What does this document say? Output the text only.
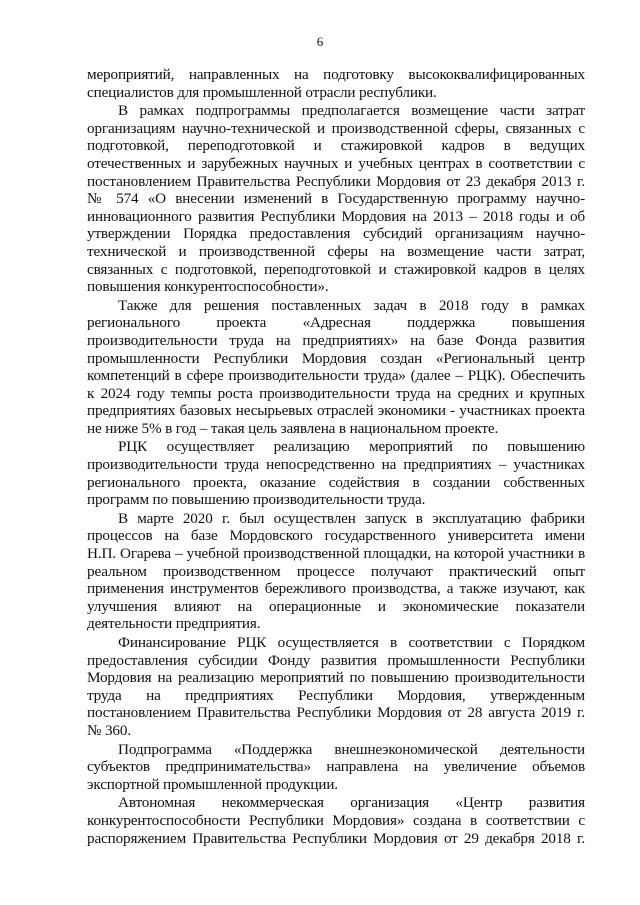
6
мероприятий, направленных на подготовку высококвалифицированных
специалистов для промышленной отрасли республики.
В рамках подпрограммы предполагается возмещение части затрат
организациям научно-технической и производственной сферы, связанных с
подготовкой, переподготовкой и стажировкой кадров в ведущих
отечественных и зарубежных научных и учебных центрах в соответствии с
постановлением Правительства Республики Мордовия от 23 декабря 2013 г.
№ 574 «О внесении изменений в Государственную программу научно-
инновационного развития Республики Мордовия на 2013 – 2018 годы и об
утверждении Порядка предоставления субсидий организациям научно-
технической и производственной сферы на возмещение части затрат,
связанных с подготовкой, переподготовкой и стажировкой кадров в целях
повышения конкурентоспособности».
Также для решения поставленных задач в 2018 году в рамках
регионального проекта «Адресная поддержка повышения
производительности труда на предприятиях» на базе Фонда развития
промышленности Республики Мордовия создан «Региональный центр
компетенций в сфере производительности труда» (далее – РЦК). Обеспечить
к 2024 году темпы роста производительности труда на средних и крупных
предприятиях базовых несырьевых отраслей экономики - участниках проекта
не ниже 5% в год – такая цель заявлена в национальном проекте.
РЦК осуществляет реализацию мероприятий по повышению
производительности труда непосредственно на предприятиях – участниках
регионального проекта, оказание содействия в создании собственных
программ по повышению производительности труда.
В марте 2020 г. был осуществлен запуск в эксплуатацию фабрики
процессов на базе Мордовского государственного университета имени
Н.П. Огарева – учебной производственной площадки, на которой участники в
реальном производственном процессе получают практический опыт
применения инструментов бережливого производства, а также изучают, как
улучшения влияют на операционные и экономические показатели
деятельности предприятия.
Финансирование РЦК осуществляется в соответствии с Порядком
предоставления субсидии Фонду развития промышленности Республики
Мордовия на реализацию мероприятий по повышению производительности
труда на предприятиях Республики Мордовия, утвержденным
постановлением Правительства Республики Мордовия от 28 августа 2019 г.
№ 360.
Подпрограмма «Поддержка внешнеэкономической деятельности
субъектов предпринимательства» направлена на увеличение объемов
экспортной промышленной продукции.
Автономная некоммерческая организация «Центр развития
конкурентоспособности Республики Мордовия» создана в соответствии с
распоряжением Правительства Республики Мордовия от 29 декабря 2018 г.
